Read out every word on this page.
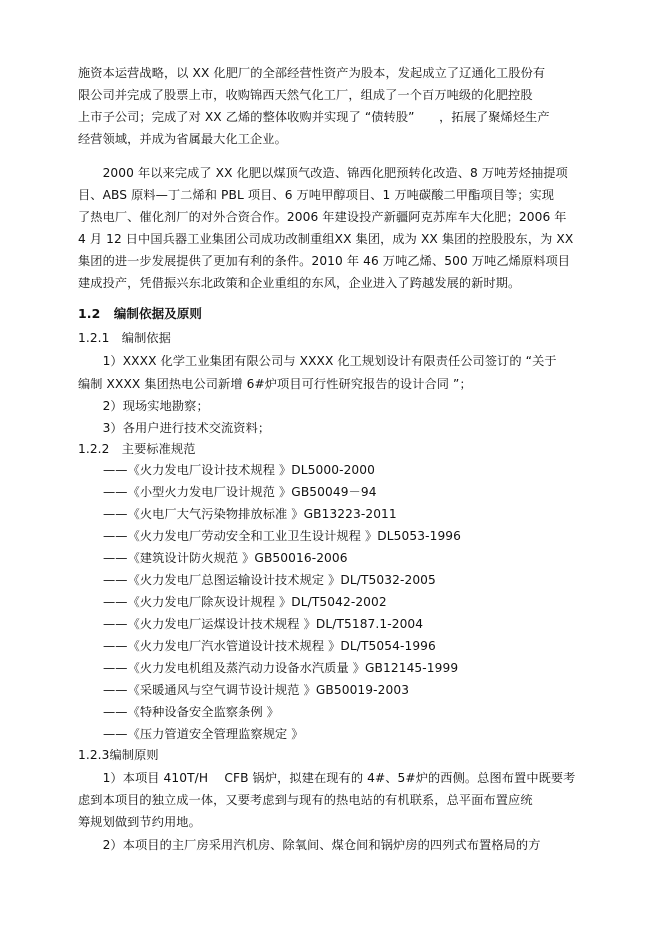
施资本运营战略，以 XX 化肥厂的全部经营性资产为股本，发起成立了辽通化工股份有
限公司并完成了股票上市，收购锦西天然气化工厂，组成了一个百万吨级的化肥控股
上市子公司；完成了对 XX 乙烯的整体收购并实现了 “债转股”　　，拓展了聚烯烃生产
经营领域，并成为省属最大化工企业。
　　2000 年以来完成了 XX 化肥以煤顶气改造、锦西化肥预转化改造、8 万吨芳烃抽提项
目、ABS 原料—丁二烯和 PBL 项目、6 万吨甲醇项目、1 万吨碳酸二甲酯项目等；实现
了热电厂、催化剂厂的对外合资合作。2006 年建设投产新疆阿克苏库车大化肥；2006 年
4 月 12 日中国兵器工业集团公司成功改制重组XX 集团，成为 XX 集团的控股股东，为 XX
集团的进一步发展提供了更加有利的条件。2010 年 46 万吨乙烯、500 万吨乙烯原料项目
建成投产，凭借振兴东北政策和企业重组的东风，企业进入了跨越发展的新时期。
1.2 编制依据及原则
1.2.1　编制依据
　　1）XXXX 化学工业集团有限公司与 XXXX 化工规划设计有限责任公司签订的 “关于
编制 XXXX 集团热电公司新增 6#炉项目可行性研究报告的设计合同 ”；
　　2）现场实地勘察；
　　3）各用户进行技术交流资料；
1.2.2　主要标准规范
——《火力发电厂设计技术规程 》DL5000-2000
——《小型火力发电厂设计规范 》GB50049－94
——《火电厂大气污染物排放标准 》GB13223-2011
——《火力发电厂劳动安全和工业卫生设计规程 》DL5053-1996
——《建筑设计防火规范 》GB50016-2006
——《火力发电厂总图运输设计技术规定 》DL/T5032-2005
——《火力发电厂除灰设计规程 》DL/T5042-2002
——《火力发电厂运煤设计技术规程 》DL/T5187.1-2004
——《火力发电厂汽水管道设计技术规程 》DL/T5054-1996
——《火力发电机组及蒸汽动力设备水汽质量 》GB12145-1999
——《采暖通风与空气调节设计规范 》GB50019-2003
——《特种设备安全监察条例 》
——《压力管道安全管理监察规定 》
1.2.3编制原则
　　1）本项目 410T/H　 CFB 锅炉，拟建在现有的 4#、5#炉的西侧。总图布置中既要考
虑到本项目的独立成一体，又要考虑到与现有的热电站的有机联系，总平面布置应统
筹规划做到节约用地。
　　2）本项目的主厂房采用汽机房、除氧间、煤仓间和锅炉房的四列式布置格局的方
